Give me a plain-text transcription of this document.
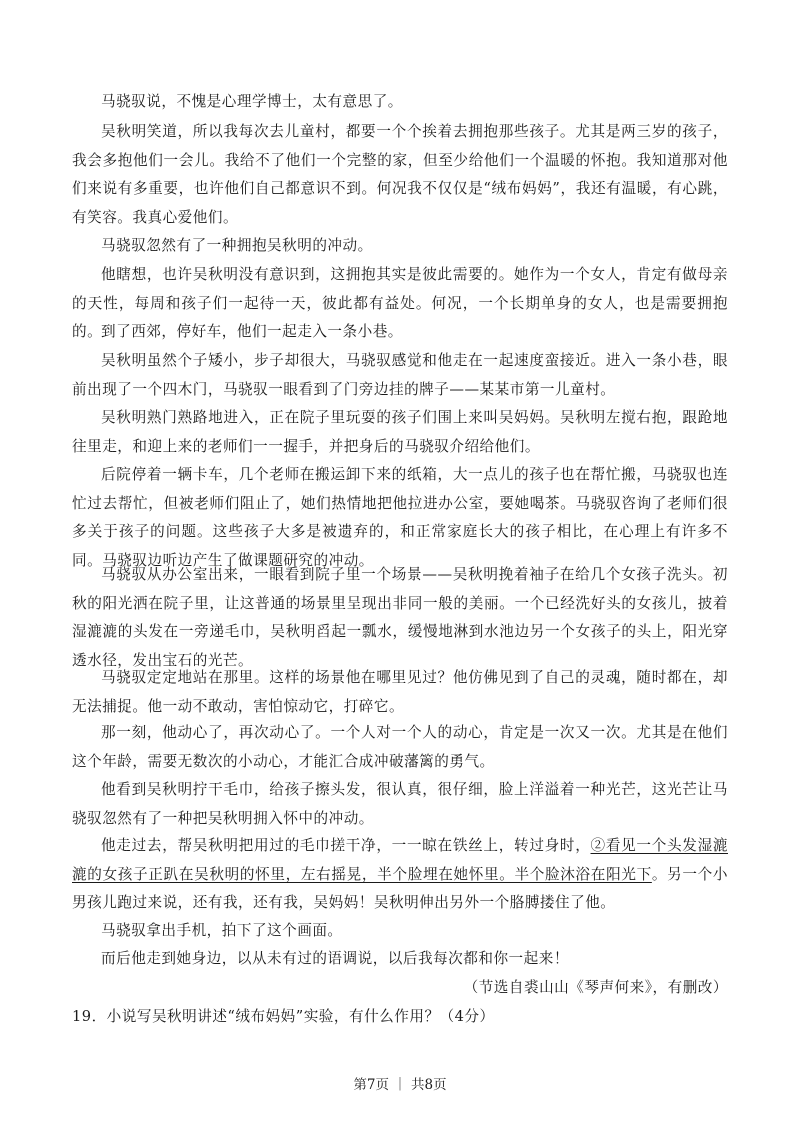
马骁驭说，不愧是心理学博士，太有意思了。

吴秋明笑道，所以我每次去儿童村，都要一个个挨着去拥抱那些孩子。尤其是两三岁的孩子，我会多抱他们一会儿。我给不了他们一个完整的家，但至少给他们一个温暖的怀抱。我知道那对他们来说有多重要，也许他们自己都意识不到。何况我不仅仅是“绒布妈妈”，我还有温暖，有心跳，有笑容。我真心爱他们。

马骁驭忽然有了一种拥抱吴秋明的冲动。

他瞎想，也许吴秋明没有意识到，这拥抱其实是彼此需要的。她作为一个女人，肯定有做母亲的天性，每周和孩子们一起待一天，彼此都有益处。何况，一个长期单身的女人，也是需要拥抱的。

到了西郊，停好车，他们一起走入一条小巷。

吴秋明虽然个子矮小，步子却很大，马骁驭感觉和他走在一起速度蛮接近。进入一条小巷，眼前出现了一个四木门，马骁驭一眼看到了门旁边挂的牌子——某某市第一儿童村。

吴秋明熟门熟路地进入，正在院子里玩耍的孩子们围上来叫吴妈妈。吴秋明左搅右抱，跟跄地往里走，和迎上来的老师们一一握手，并把身后的马骁驭介绍给他们。

后院停着一辆卡车，几个老师在搬运卸下来的纸箱，大一点儿的孩子也在帮忙搬，马骁驭也连忙过去帮忙，但被老师们阻止了，她们热情地把他拉进办公室，要她喝茶。马骁驭咨询了老师们很多关于孩子的问题。这些孩子大多是被遗弃的，和正常家庭长大的孩子相比，在心理上有许多不同。马骁驭边听边产生了做课题研究的冲动。

马骁驭从办公室出来，一眼看到院子里一个场景——吴秋明挽着袖子在给几个女孩子洗头。初秋的阳光洒在院子里，让这普通的场景里呈现出非同一般的美丽。一个已经洗好头的女孩儿，披着湿漉漉的头发在一旁递毛巾，吴秋明舀起一瓢水，缓慢地淋到水池边另一个女孩子的头上，阳光穿透水径，发出宝石的光芒。

马骁驭定定地站在那里。这样的场景他在哪里见过？他仿佛见到了自己的灵魂，随时都在，却无法捕捉。他一动不敢动，害怕惊动它，打碎它。

那一刻，他动心了，再次动心了。一个人对一个人的动心，肯定是一次又一次。尤其是在他们这个年龄，需要无数次的小动心，才能汇合成冲破藩篱的勇气。

他看到吴秋明拧干毛巾，给孩子擦头发，很认真，很仔细，脸上洋溢着一种光芒，这光芒让马骁驭忽然有了一种把吴秋明拥入怀中的冲动。

他走过去，帮吴秋明把用过的毛巾搓干净，一一晾在铁丝上，转过身时，②看见一个头发湿漉漉的女孩子正趴在吴秋明的怀里，左右摇晃，半个脸埋在她怀里。半个脸沐浴在阳光下。另一个小男孩儿跑过来说，还有我，还有我，吴妈妈！吴秋明伸出另外一个胳膊搂住了他。

马骁驭拿出手机，拍下了这个画面。

而后他走到她身边，以从未有过的语调说，以后我每次都和你一起来！

（节选自裘山山《琴声何来》，有删改）
19．小说写吴秋明讲述“绒布妈妈”实验，有什么作用？（4分）
第7页 ｜ 共8页
